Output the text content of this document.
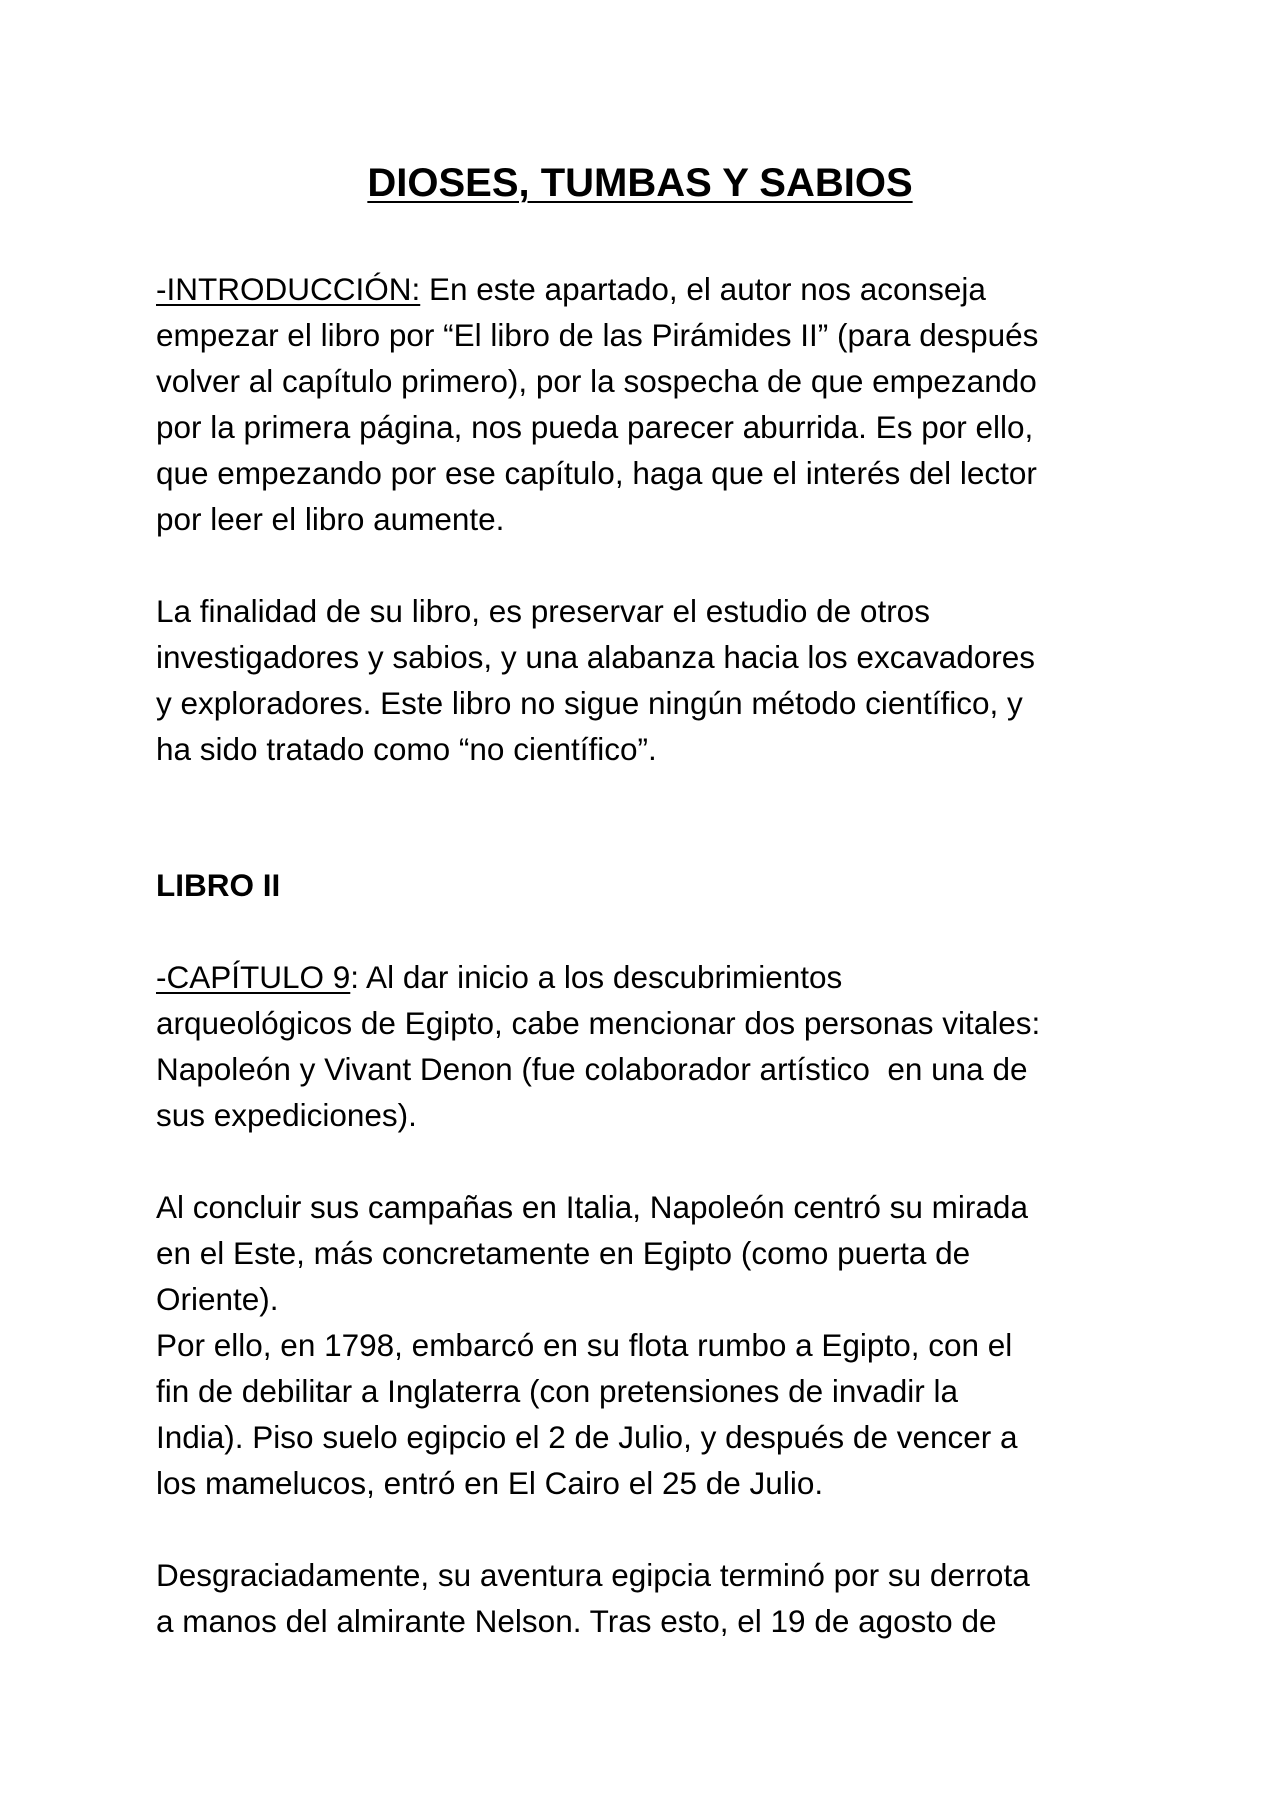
DIOSES, TUMBAS Y SABIOS
-INTRODUCCIÓN: En este apartado, el autor nos aconseja
empezar el libro por “El libro de las Pirámides II” (para después
volver al capítulo primero), por la sospecha de que empezando
por la primera página, nos pueda parecer aburrida. Es por ello,
que empezando por ese capítulo, haga que el interés del lector
por leer el libro aumente.
La finalidad de su libro, es preservar el estudio de otros
investigadores y sabios, y una alabanza hacia los excavadores
y exploradores. Este libro no sigue ningún método científico, y
ha sido tratado como “no científico”.
LIBRO II
-CAPÍTULO 9: Al dar inicio a los descubrimientos
arqueológicos de Egipto, cabe mencionar dos personas vitales:
Napoleón y Vivant Denon (fue colaborador artístico  en una de
sus expediciones).
Al concluir sus campañas en Italia, Napoleón centró su mirada
en el Este, más concretamente en Egipto (como puerta de
Oriente).
Por ello, en 1798, embarcó en su flota rumbo a Egipto, con el
fin de debilitar a Inglaterra (con pretensiones de invadir la
India). Piso suelo egipcio el 2 de Julio, y después de vencer a
los mamelucos, entró en El Cairo el 25 de Julio.
Desgraciadamente, su aventura egipcia terminó por su derrota
a manos del almirante Nelson. Tras esto, el 19 de agosto de
